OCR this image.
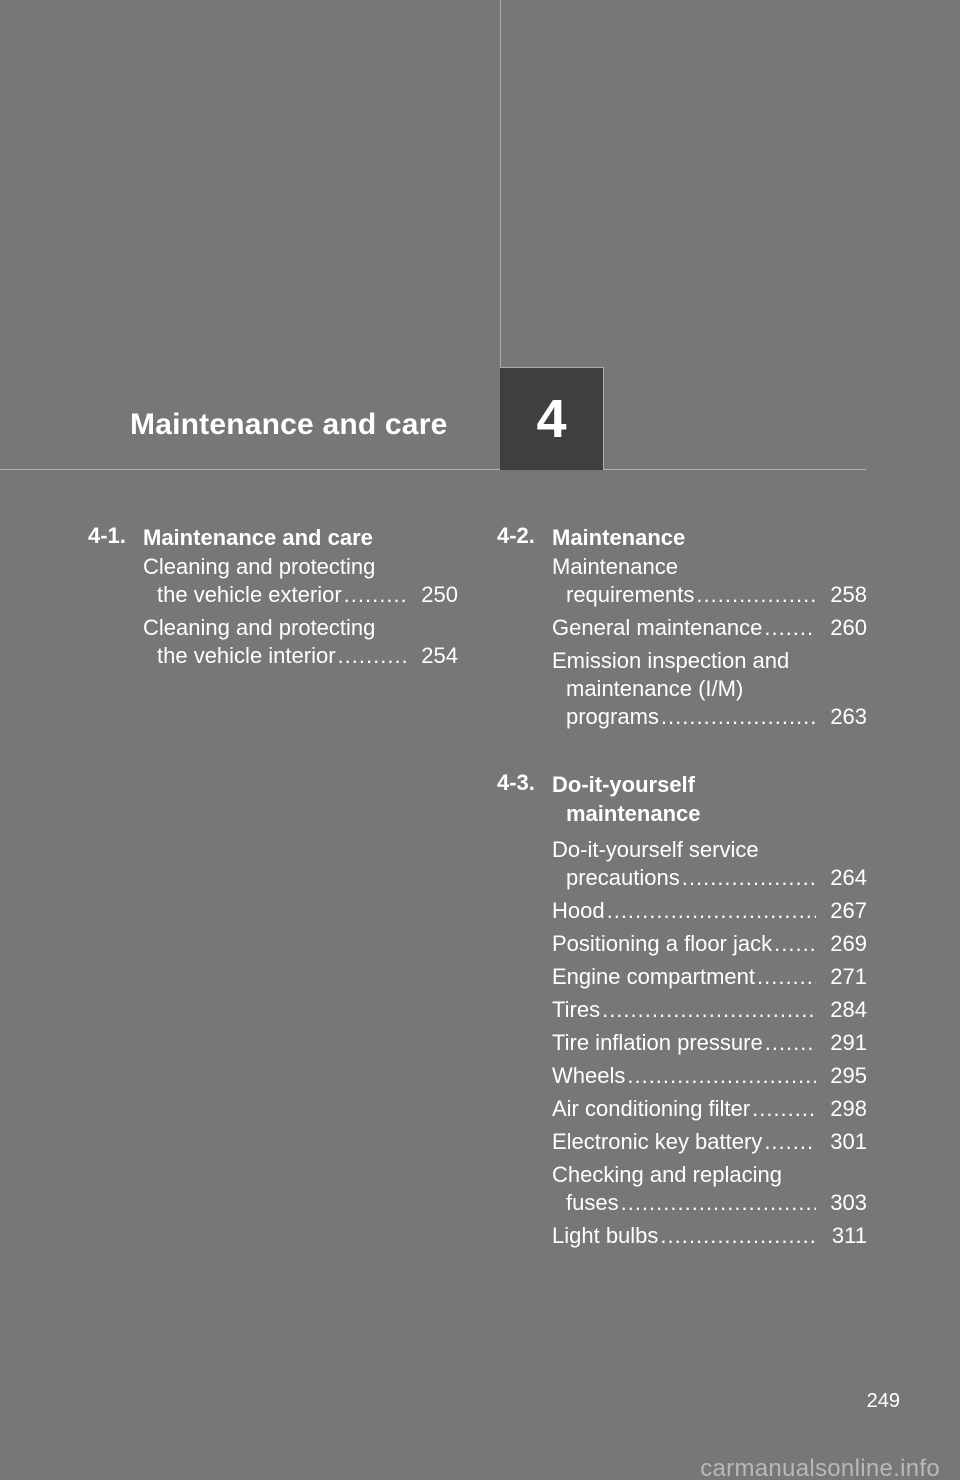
Maintenance and care 4
4-1. Maintenance and care
Cleaning and protecting
the vehicle exterior .....	250
Cleaning and protecting
the vehicle interior .....	254
4-2. Maintenance
Maintenance
requirements .....	258
General maintenance .....	260
Emission inspection and
maintenance (I/M)
programs .....	263
4-3. Do-it-yourself
maintenance
Do-it-yourself service
precautions .....	264
Hood .....	267
Positioning a floor jack .....	269
Engine compartment .....	271
Tires .....	284
Tire inflation pressure .....	291
Wheels .....	295
Air conditioning filter .....	298
Electronic key battery .....	301
Checking and replacing
fuses .....	303
Light bulbs .....	311
249
carmanualsonline.info
